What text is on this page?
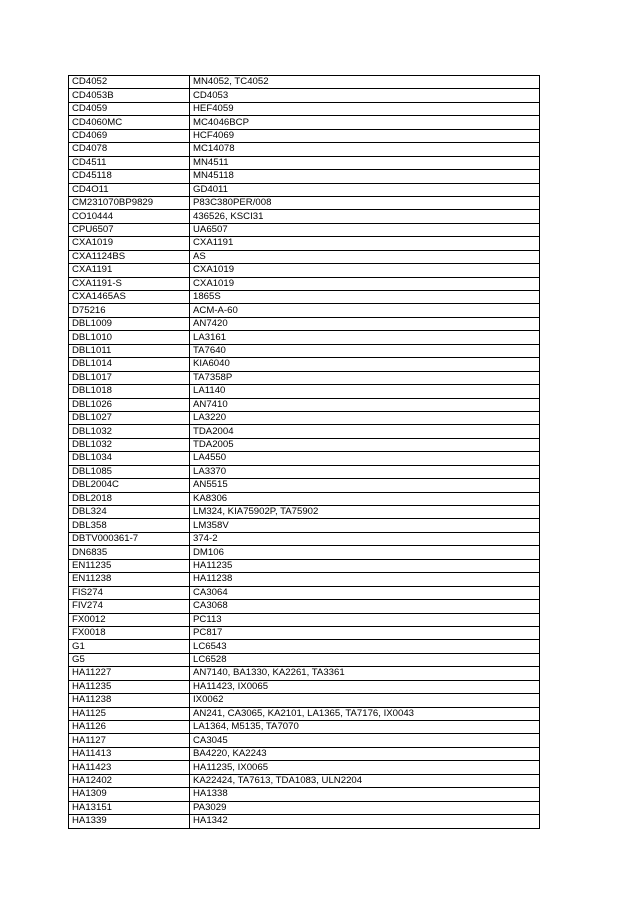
CD4052	MN4052, TC4052
CD4053B	CD4053
CD4059	HEF4059
CD4060MC	MC4046BCP
CD4069	HCF4069
CD4078	MC14078
CD4511	MN4511
CD45118	MN45118
CD4O11	GD4011
CM231070BP9829	P83C380PER/008
CO10444	436526, KSCI31
CPU6507	UA6507
CXA1019	CXA1191
CXA1124BS	AS
CXA1191	CXA1019
CXA1191-S	CXA1019
CXA1465AS	1865S
D75216	ACM-A-60
DBL1009	AN7420
DBL1010	LA3161
DBL1011	TA7640
DBL1014	KIA6040
DBL1017	TA7358P
DBL1018	LA1140
DBL1026	AN7410
DBL1027	LA3220
DBL1032	TDA2004
DBL1032	TDA2005
DBL1034	LA4550
DBL1085	LA3370
DBL2004C	AN5515
DBL2018	KA8306
DBL324	LM324, KIA75902P, TA75902
DBL358	LM358V
DBTV000361-7	374-2
DN6835	DM106
EN11235	HA11235
EN11238	HA11238
FIS274	CA3064
FIV274	CA3068
FX0012	PC113
FX0018	PC817
G1	LC6543
G5	LC6528
HA11227	AN7140, BA1330, KA2261, TA3361
HA11235	HA11423, IX0065
HA11238	IX0062
HA1125	AN241, CA3065, KA2101, LA1365, TA7176, IX0043
HA1126	LA1364, M5135, TA7070
HA1127	CA3045
HA11413	BA4220, KA2243
HA11423	HA11235, IX0065
HA12402	KA22424, TA7613, TDA1083, ULN2204
HA1309	HA1338
HA13151	PA3029
HA1339	HA1342
